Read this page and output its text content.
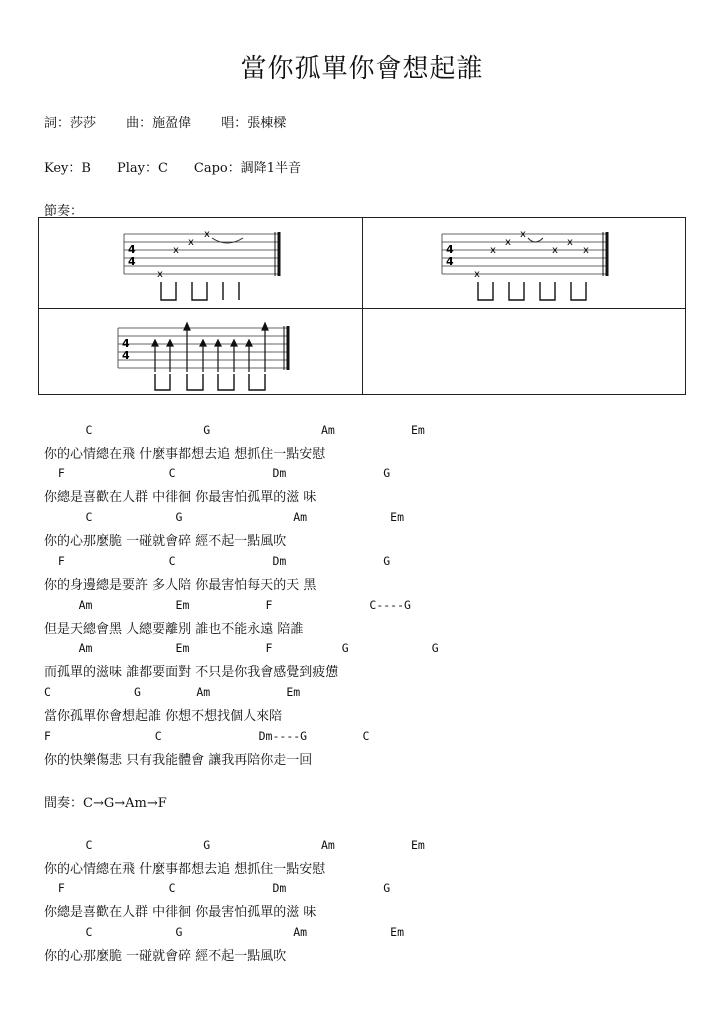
當你孤單你會想起誰
詞：莎莎　　 曲：施盈偉　　 唱：張棟樑
Key：B　　Play：C　　Capo：調降1半音
節奏：
4
4
x
x
x
x
4
4
x
x
x
x
x
x
x
4
4
C                G                Am           Em
你的心情總在飛 什麼事都想去追 想抓住一點安慰
F               C              Dm              G
你總是喜歡在人群 中徘徊 你最害怕孤單的滋 味
C            G                Am            Em
你的心那麼脆 一碰就會碎 經不起一點風吹
F               C              Dm              G
你的身邊總是要許 多人陪 你最害怕每天的天 黑
Am            Em           F              C----G
但是天總會黑 人總要離別 誰也不能永遠 陪誰
Am            Em           F          G            G
而孤單的滋味 誰都要面對 不只是你我會感覺到疲憊
C            G        Am           Em
當你孤單你會想起誰 你想不想找個人來陪
F               C              Dm----G        C
你的快樂傷悲 只有我能體會 讓我再陪你走一回
間奏：C→G→Am→F
C                G                Am           Em
你的心情總在飛 什麼事都想去追 想抓住一點安慰
F               C              Dm              G
你總是喜歡在人群 中徘徊 你最害怕孤單的滋 味
C            G                Am            Em
你的心那麼脆 一碰就會碎 經不起一點風吹
